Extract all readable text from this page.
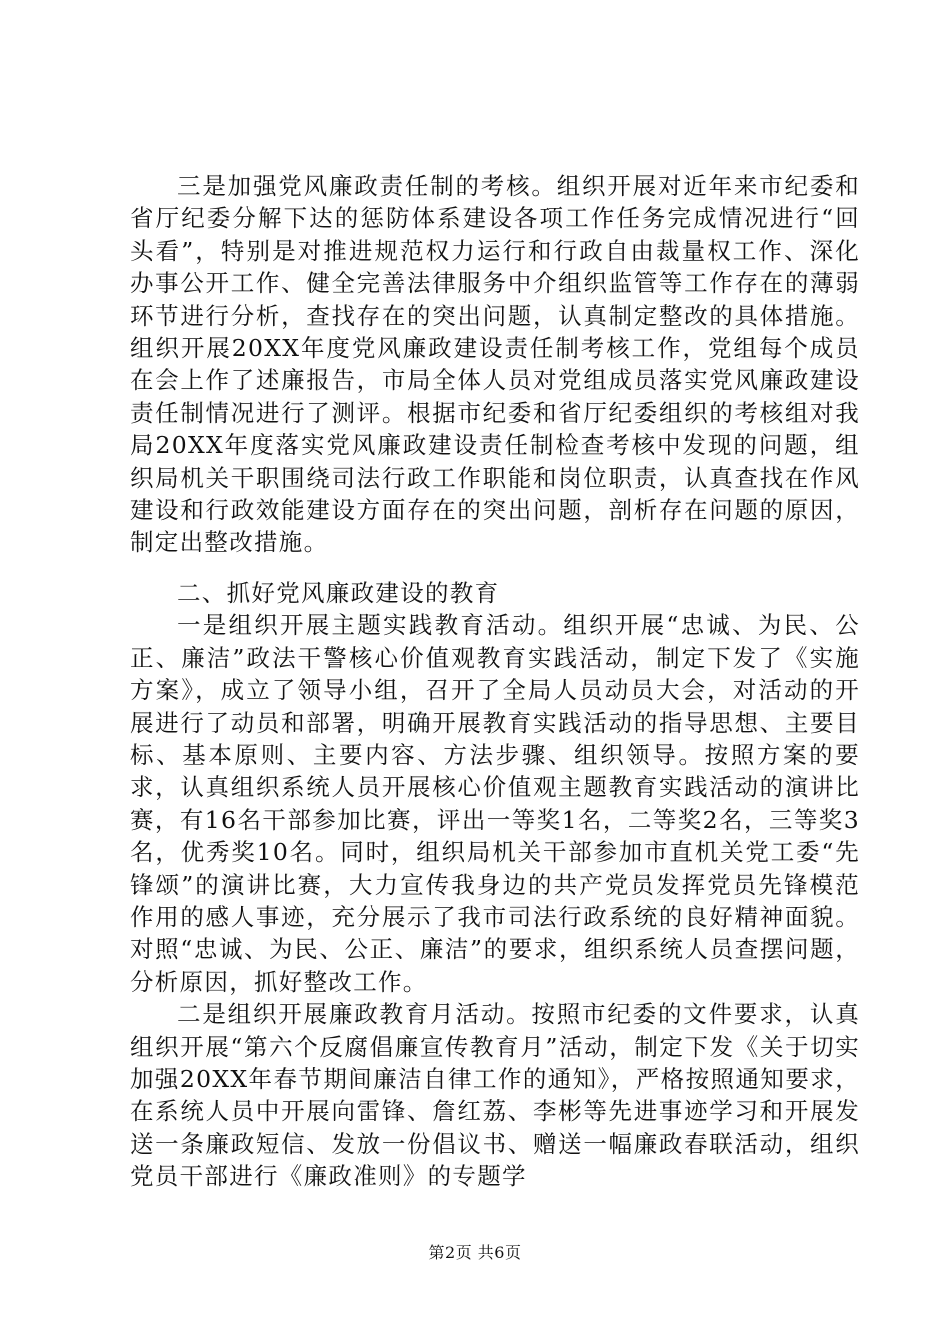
三是加强党风廉政责任制的考核。组织开展对近年来市纪委和省厅纪委分解下达的惩防体系建设各项工作任务完成情况进行“回头看”，特别是对推进规范权力运行和行政自由裁量权工作、深化办事公开工作、健全完善法律服务中介组织监管等工作存在的薄弱环节进行分析，查找存在的突出问题，认真制定整改的具体措施。组织开展20XX年度党风廉政建设责任制考核工作，党组每个成员在会上作了述廉报告，市局全体人员对党组成员落实党风廉政建设责任制情况进行了测评。根据市纪委和省厅纪委组织的考核组对我局20XX年度落实党风廉政建设责任制检查考核中发现的问题，组织局机关干职围绕司法行政工作职能和岗位职责，认真查找在作风建设和行政效能建设方面存在的突出问题，剖析存在问题的原因，制定出整改措施。

二、抓好党风廉政建设的教育

一是组织开展主题实践教育活动。组织开展“忠诚、为民、公正、廉洁”政法干警核心价值观教育实践活动，制定下发了《实施方案》，成立了领导小组，召开了全局人员动员大会，对活动的开展进行了动员和部署，明确开展教育实践活动的指导思想、主要目标、基本原则、主要内容、方法步骤、组织领导。按照方案的要求，认真组织系统人员开展核心价值观主题教育实践活动的演讲比赛，有16名干部参加比赛，评出一等奖1名，二等奖2名，三等奖3名，优秀奖10名。同时，组织局机关干部参加市直机关党工委“先锋颂”的演讲比赛，大力宣传我身边的共产党员发挥党员先锋模范作用的感人事迹，充分展示了我市司法行政系统的良好精神面貌。对照“忠诚、为民、公正、廉洁”的要求，组织系统人员查摆问题，分析原因，抓好整改工作。

二是组织开展廉政教育月活动。按照市纪委的文件要求，认真组织开展“第六个反腐倡廉宣传教育月”活动，制定下发《关于切实加强20XX年春节期间廉洁自律工作的通知》，严格按照通知要求，在系统人员中开展向雷锋、詹红荔、李彬等先进事迹学习和开展发送一条廉政短信、发放一份倡议书、赠送一幅廉政春联活动，组织党员干部进行《廉政准则》的专题学

第2页 共6页
